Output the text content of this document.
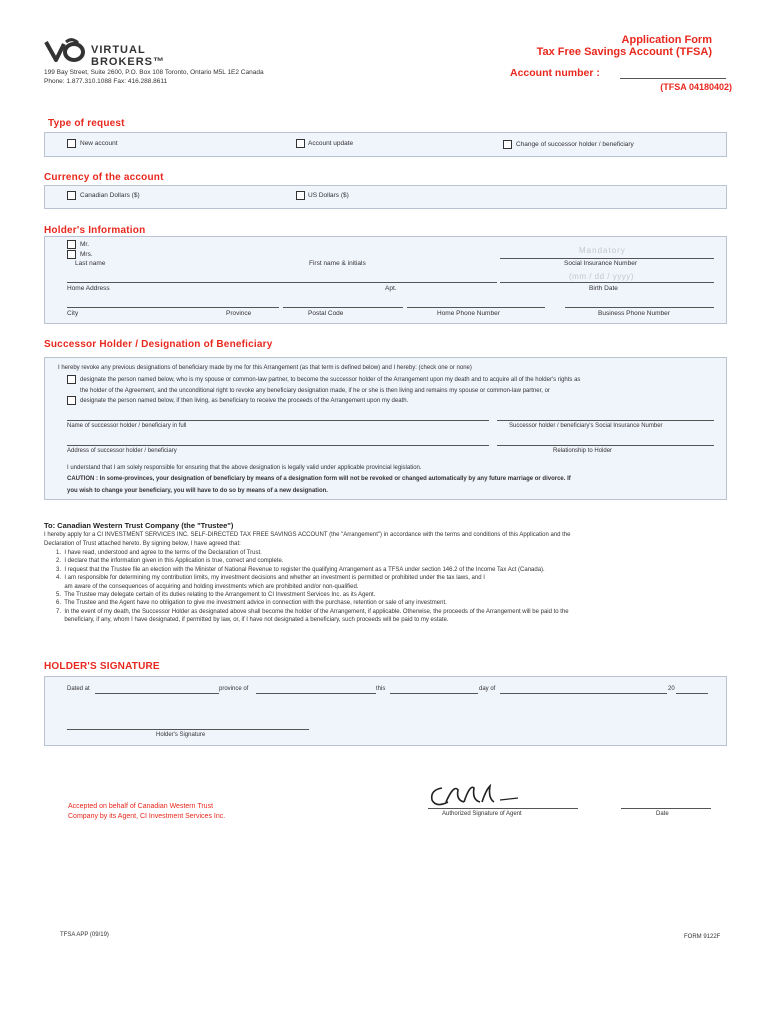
VIRTUAL BROKERS™
199 Bay Street, Suite 2600, P.O. Box 108 Toronto, Ontario M5L 1E2 Canada
Phone: 1.877.310.1088 Fax: 416.288.8611
Application Form
Tax Free Savings Account (TFSA)
Account number :
(TFSA 04180402)
Type of request
New account	Account update	Change of successor holder / beneficiary
Currency of the account
Canadian Dollars ($)	US Dollars ($)
Holder's Information
Mr.
Mrs.	Mandatory
Last name	First name & initials	Social Insurance Number
(mm / dd / yyyy)
Home Address	Apt.	Birth Date
City	Province	Postal Code	Home Phone Number	Business Phone Number
Successor Holder / Designation of Beneficiary
I hereby revoke any previous designations of beneficiary made by me for this Arrangement (as that term is defined below) and I hereby: (check one or none)
designate the person named below, who is my spouse or common-law partner, to become the successor holder of the Arrangement upon my death and to acquire all of the holder's rights as
the holder of the Agreement, and the unconditional right to revoke any beneficiary designation made, if he or she is then living and remains my spouse or common-law partner, or
designate the person named below, if then living, as beneficiary to receive the proceeds of the Arrangement upon my death.
Name of successor holder / beneficiary in full	Successor holder / beneficiary's Social Insurance Number
Address of successor holder / beneficiary	Relationship to Holder
I understand that I am solely responsible for ensuring that the above designation is legally valid under applicable provincial legislation.
CAUTION : In some-provinces, your designation of beneficiary by means of a designation form will not be revoked or changed automatically by any future marriage or divorce. If
you wish to change your beneficiary, you will have to do so by means of a new designation.
To: Canadian Western Trust Company (the "Trustee")
I hereby apply for a CI INVESTMENT SERVICES INC. SELF-DIRECTED TAX FREE SAVINGS ACCOUNT (the "Arrangement") in accordance with the terms and conditions of this Application and the
Declaration of Trust attached hereto. By signing below, I have agreed that:
1.  I have read, understood and agree to the terms of the Declaration of Trust.
2.  I declare that the information given in this Application is true, correct and complete.
3.  I request that the Trustee file an election with the Minister of National Revenue to register the qualifying Arrangement as a TFSA under section 146.2 of the Income Tax Act (Canada).
4.  I am responsible for determining my contribution limits, my investment decisions and whether an investment is permitted or prohibited under the tax laws, and I
am aware of the consequences of acquiring and holding investments which are prohibited and/or non-qualified.
5.  The Trustee may delegate certain of its duties relating to the Arrangement to CI Investment Services Inc. as its Agent.
6.  The Trustee and the Agent have no obligation to give me investment advice in connection with the purchase, retention or sale of any investment.
7.  In the event of my death, the Successor Holder as designated above shall become the holder of the Arrangement, if applicable. Otherwise, the proceeds of the Arrangement will be paid to the
beneficiary, if any, whom I have designated, if permitted by law, or, if I have not designated a beneficiary, such proceeds will be paid to my estate.
HOLDER'S SIGNATURE
Dated at	province of	this	day of	20
Holder's Signature
Accepted on behalf of Canadian Western Trust
Company by its Agent, CI Investment Services Inc.	Authorized Signature of Agent	Date
TFSA APP (09/19)	FORM 9122F
